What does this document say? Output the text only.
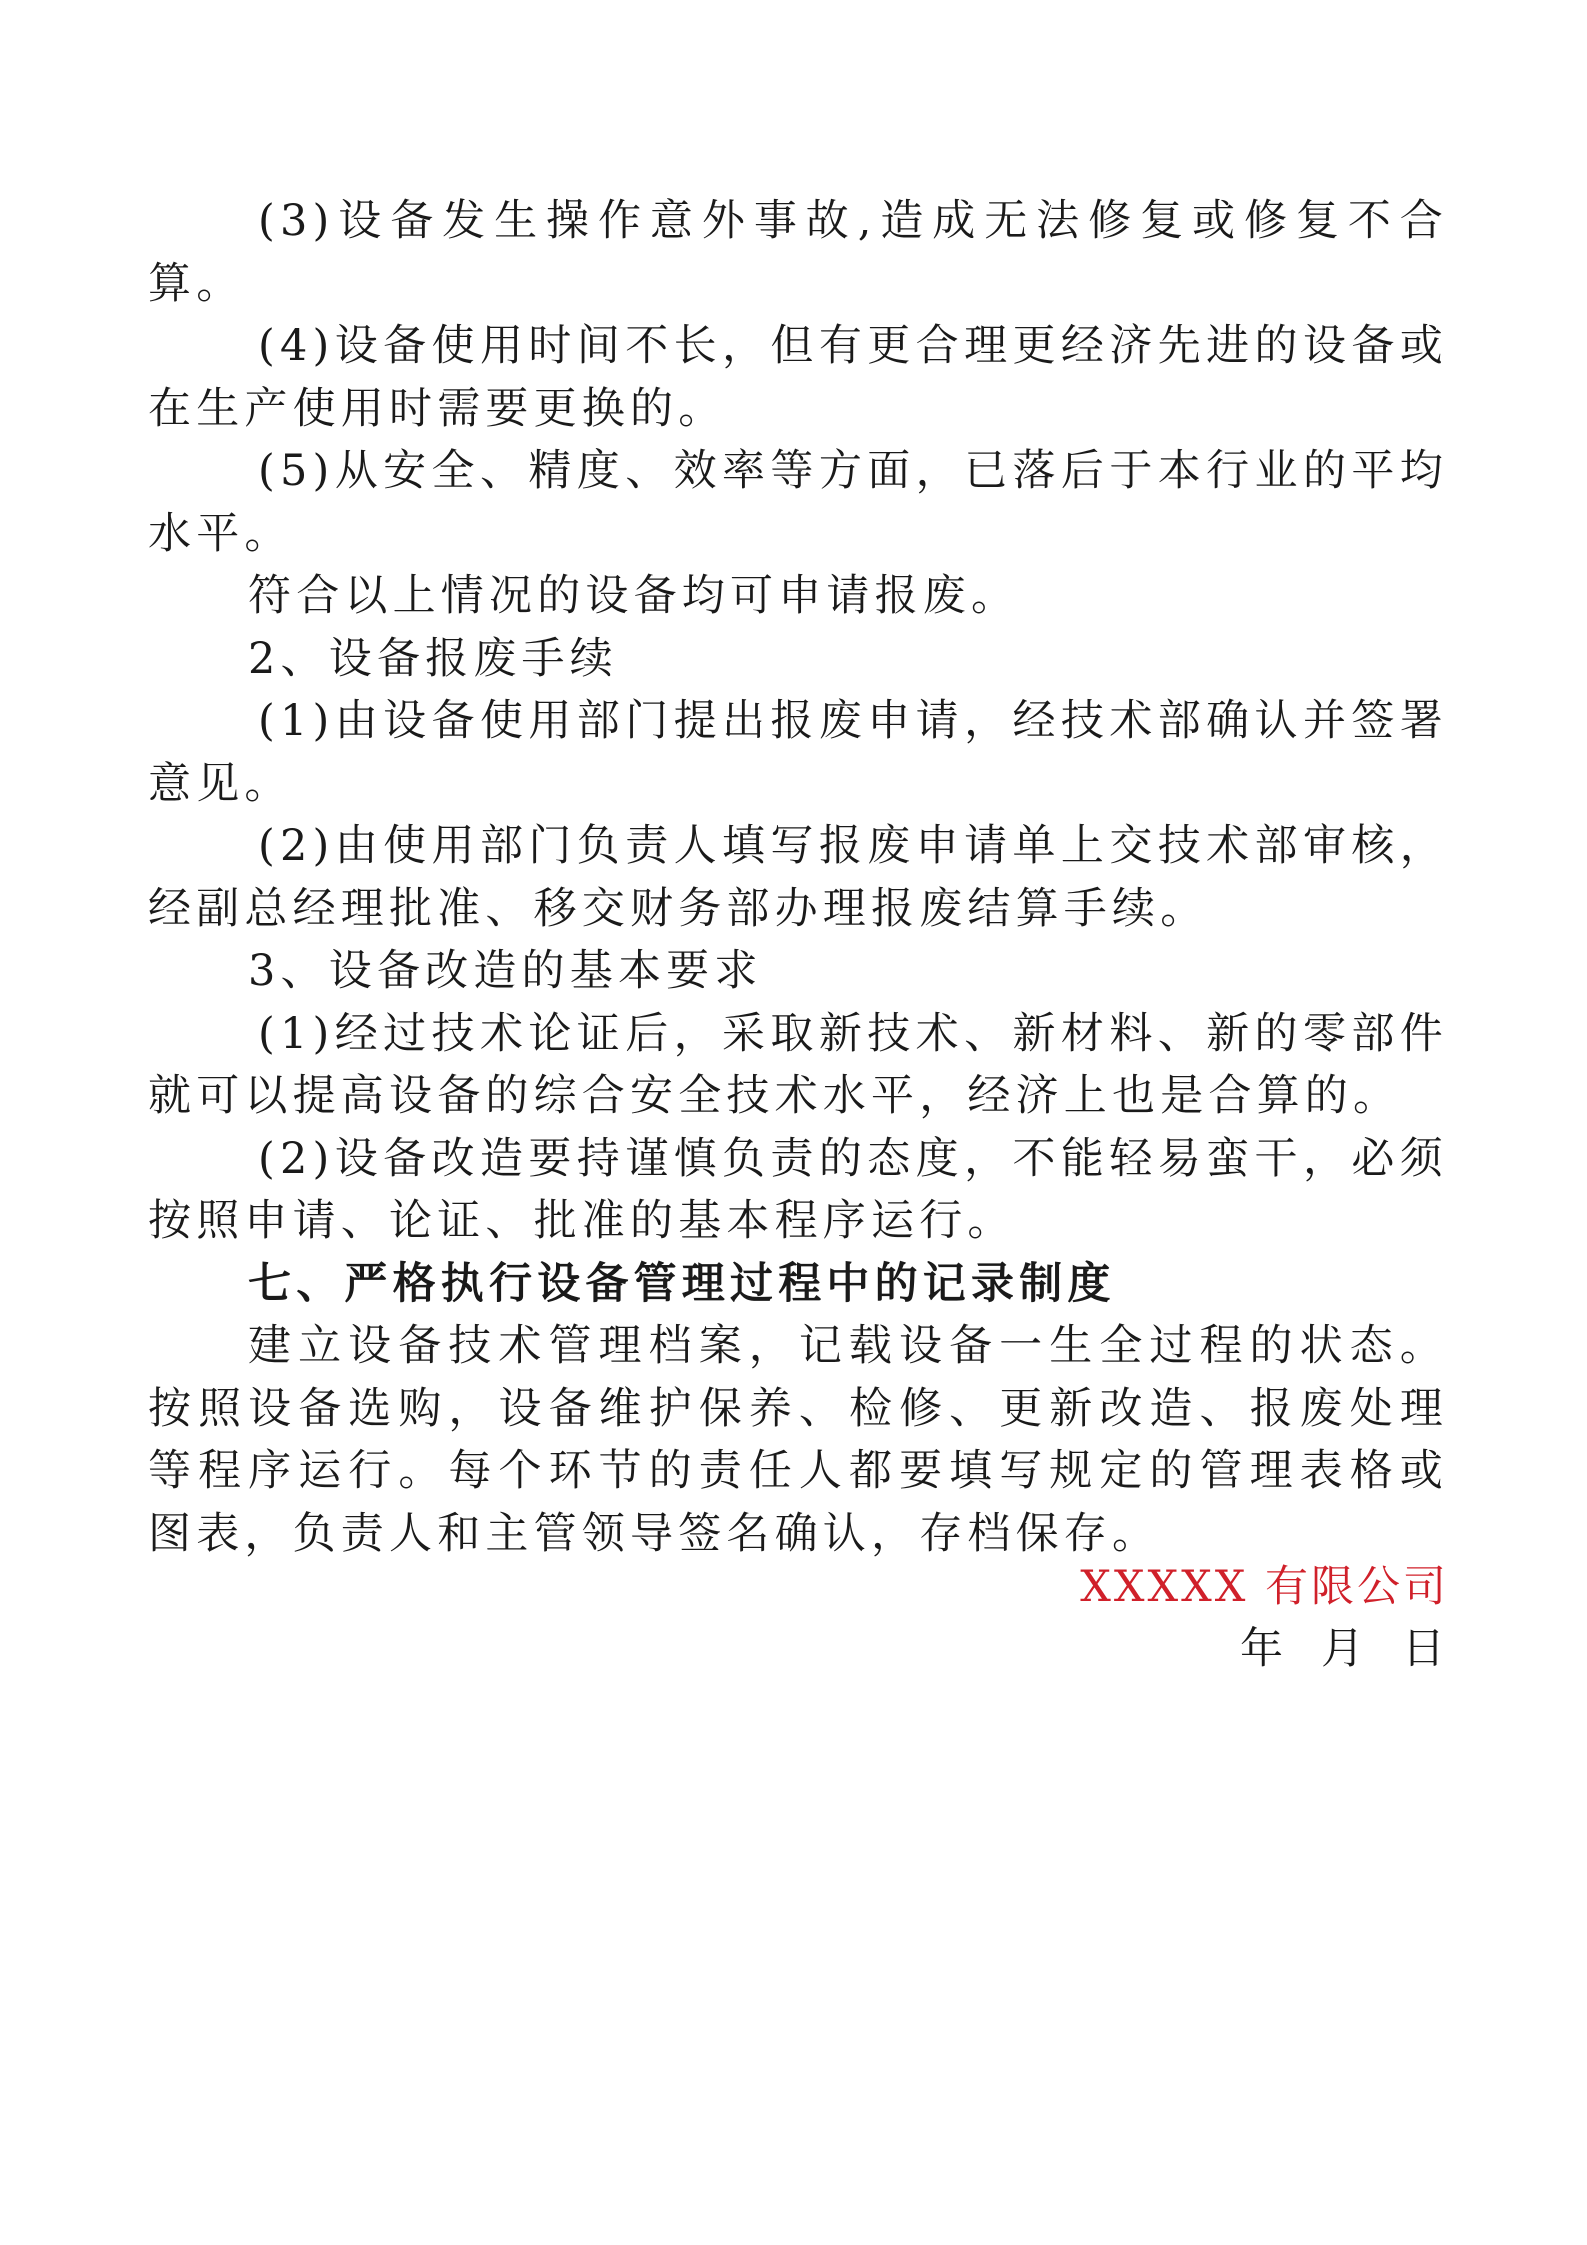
(3)设备发生操作意外事故,造成无法修复或修复不合算。

(4)设备使用时间不长，但有更合理更经济先进的设备或在生产使用时需要更换的。

(5)从安全、精度、效率等方面，已落后于本行业的平均水平。

符合以上情况的设备均可申请报废。

2、设备报废手续

(1)由设备使用部门提出报废申请，经技术部确认并签署意见。

(2)由使用部门负责人填写报废申请单上交技术部审核，经副总经理批准、移交财务部办理报废结算手续。

3、设备改造的基本要求

(1)经过技术论证后，采取新技术、新材料、新的零部件就可以提高设备的综合安全技术水平，经济上也是合算的。

(2)设备改造要持谨慎负责的态度，不能轻易蛮干，必须按照申请、论证、批准的基本程序运行。

七、严格执行设备管理过程中的记录制度

建立设备技术管理档案，记载设备一生全过程的状态。按照设备选购，设备维护保养、检修、更新改造、报废处理等程序运行。每个环节的责任人都要填写规定的管理表格或图表，负责人和主管领导签名确认，存档保存。

XXXXX 有限公司
年 月 日
